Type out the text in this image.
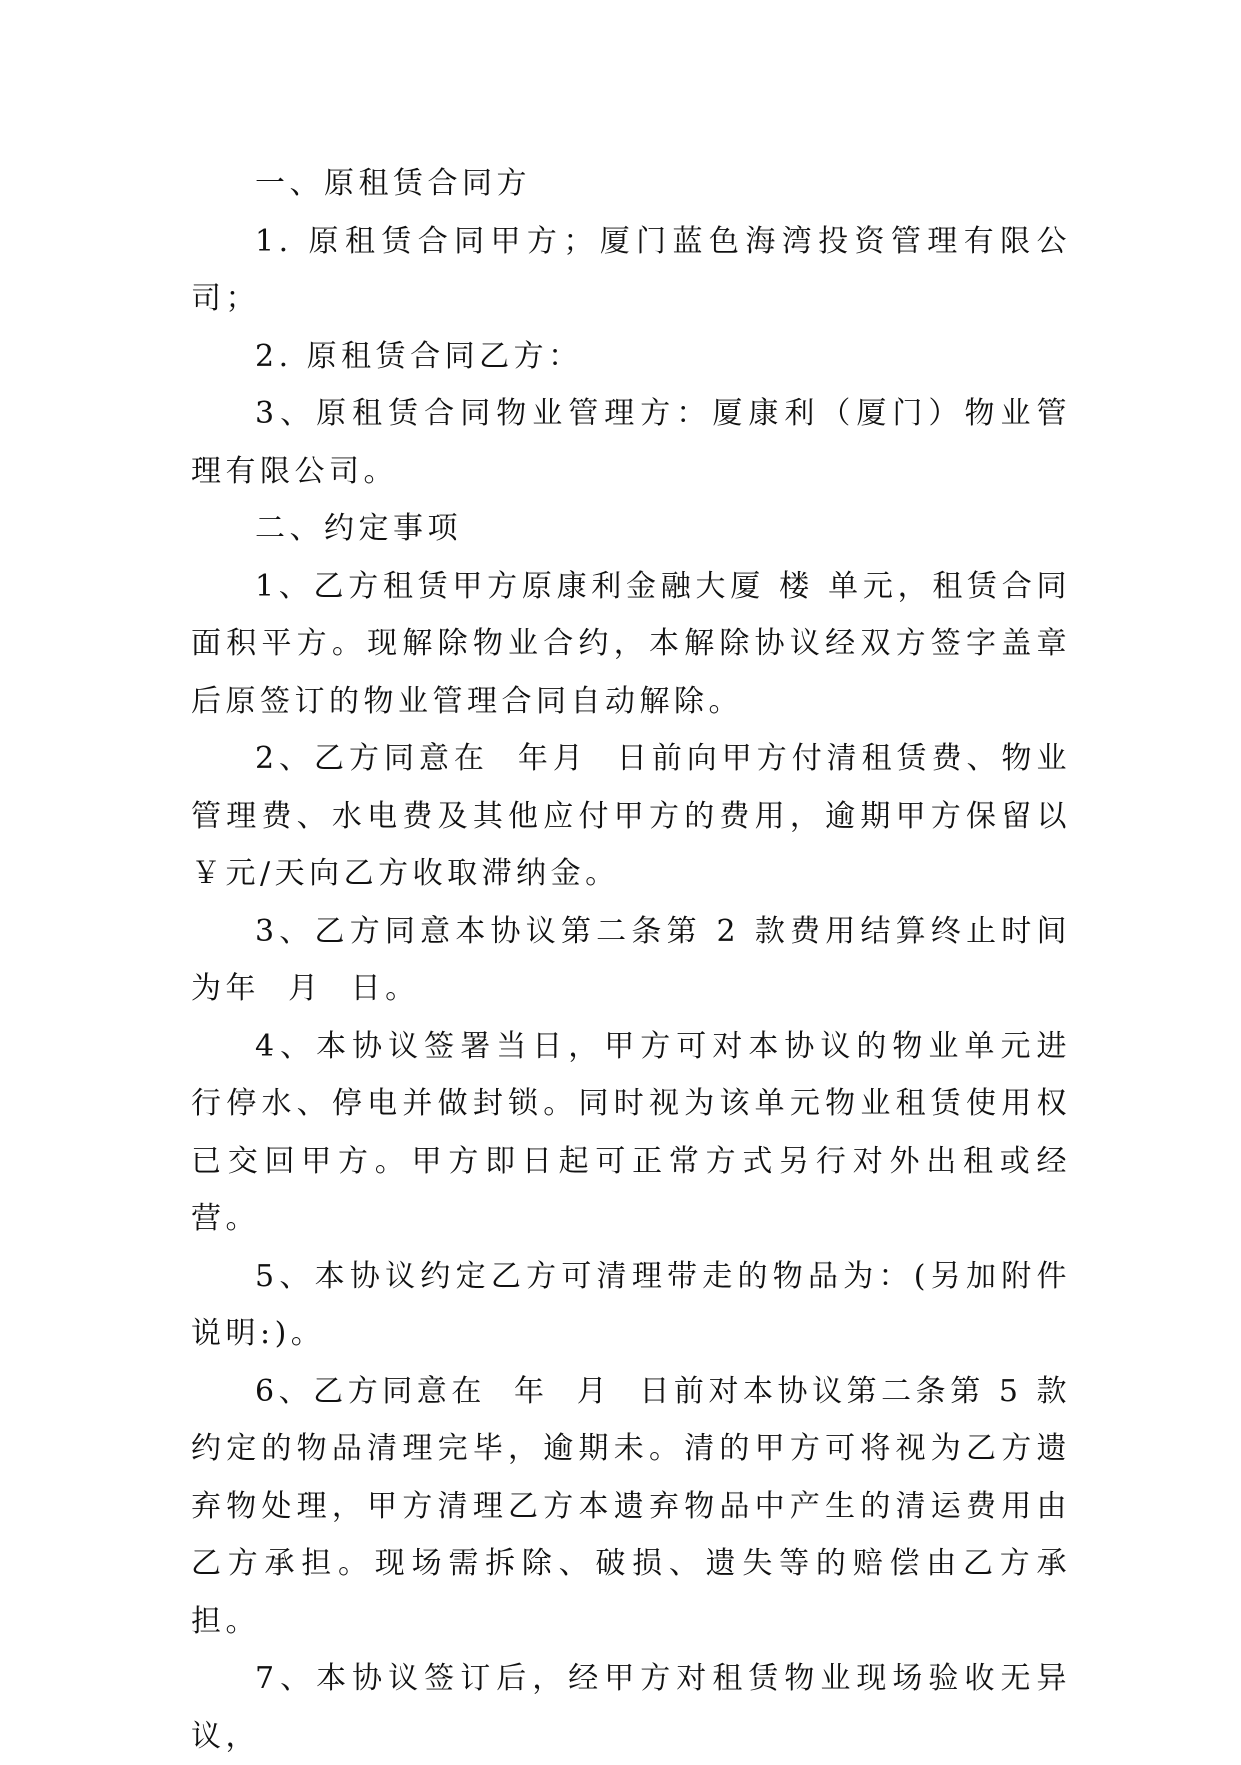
一、原租赁合同方

1. 原租赁合同甲方；厦门蓝色海湾投资管理有限公司；

2. 原租赁合同乙方：

3、原租赁合同物业管理方：厦康利（厦门）物业管理有限公司。

二、约定事项

1、乙方租赁甲方原康利金融大厦 楼 单元，租赁合同面积平方。现解除物业合约，本解除协议经双方签字盖章后原签订的物业管理合同自动解除。

2、乙方同意在  年月  日前向甲方付清租赁费、物业管理费、水电费及其他应付甲方的费用，逾期甲方保留以￥元/天向乙方收取滞纳金。

3、乙方同意本协议第二条第 2 款费用结算终止时间为年  月  日。

4、本协议签署当日，甲方可对本协议的物业单元进行停水、停电并做封锁。同时视为该单元物业租赁使用权已交回甲方。甲方即日起可正常方式另行对外出租或经营。

5、本协议约定乙方可清理带走的物品为：(另加附件说明:)。

6、乙方同意在  年  月  日前对本协议第二条第 5 款约定的物品清理完毕，逾期未。清的甲方可将视为乙方遗弃物处理，甲方清理乙方本遗弃物品中产生的清运费用由乙方承担。现场需拆除、破损、遗失等的赔偿由乙方承担。

7、本协议签订后，经甲方对租赁物业现场验收无异议，
